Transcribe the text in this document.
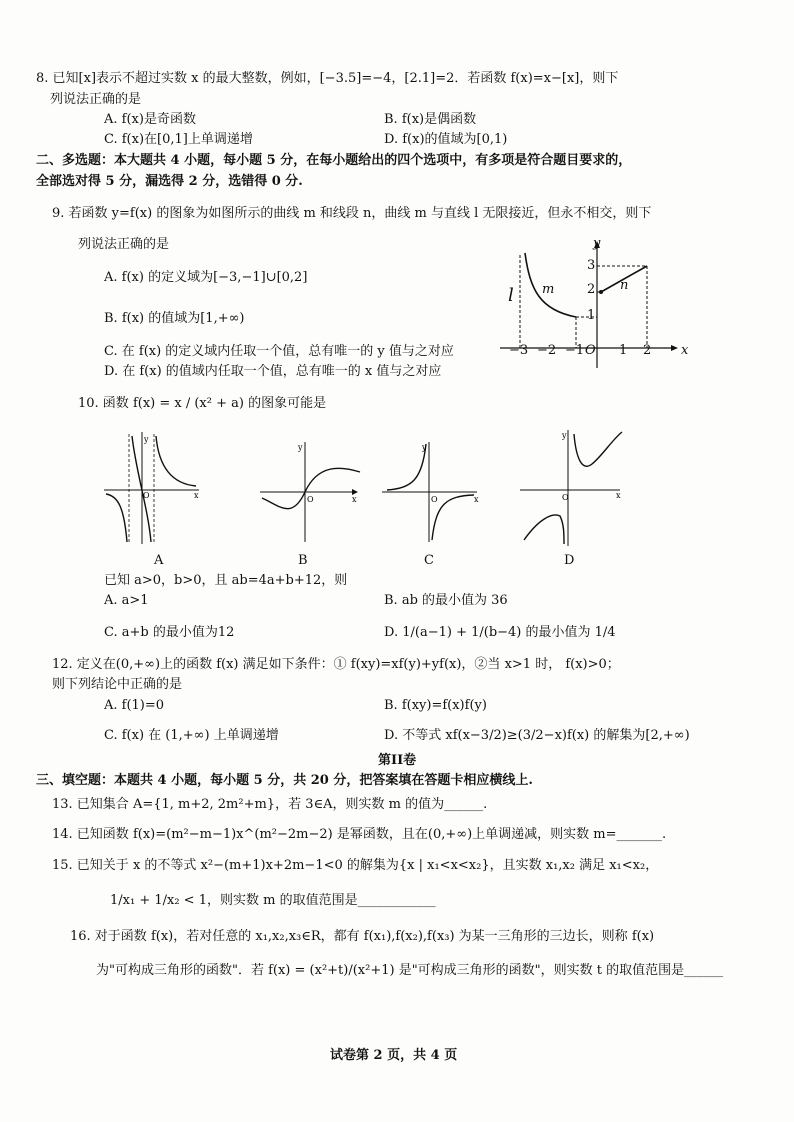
8. 已知[x]表示不超过实数 x 的最大整数，例如，[−3.5]=−4，[2.1]=2．若函数 f(x)=x−[x]，则下
列说法正确的是
A. f(x)是奇函数	B. f(x)是偶函数
C. f(x)在[0,1]上单调递增	D. f(x)的值域为[0,1)
二、多选题：本大题共 4 小题，每小题 5 分，在每小题给出的四个选项中，有多项是符合题目要求的，
全部选对得 5 分，漏选得 2 分，选错得 0 分.
9. 若函数 y=f(x) 的图象为如图所示的曲线 m 和线段 n，曲线 m 与直线 l 无限接近，但永不相交，则下
列说法正确的是
A. f(x) 的定义域为[−3,−1]∪[0,2]
B. f(x) 的值域为[1,+∞)
C. 在 f(x) 的定义域内任取一个值，总有唯一的 y 值与之对应
D. 在 f(x) 的值域内任取一个值，总有唯一的 x 值与之对应
y
x
O
m	n
l
−3 −2 −1	1 2
3
2
1
10. 函数 f(x) = x / (x² + a) 的图象可能是
y
x
O
y
x
O
y
x
O
y
x
O
A	B	C	D
已知 a>0，b>0，且 ab=4a+b+12，则
A. a>1	B. ab 的最小值为 36
C. a+b 的最小值为12	D. 1/(a−1) + 1/(b−4) 的最小值为 1/4
12. 定义在(0,+∞)上的函数 f(x) 满足如下条件：① f(xy)=xf(y)+yf(x)，②当 x>1 时， f(x)>0；
则下列结论中正确的是
A. f(1)=0	B. f(xy)=f(x)f(y)
C. f(x) 在 (1,+∞) 上单调递增	D. 不等式 xf(x−3/2)≥(3/2−x)f(x) 的解集为[2,+∞)
第II卷
三、填空题：本题共 4 小题，每小题 5 分，共 20 分，把答案填在答题卡相应横线上.
13. 已知集合 A={1, m+2, 2m²+m}，若 3∈A，则实数 m 的值为______.
14. 已知函数 f(x)=(m²−m−1)x^(m²−2m−2) 是幂函数，且在(0,+∞)上单调递减，则实数 m=_______.
15. 已知关于 x 的不等式 x²−(m+1)x+2m−1<0 的解集为{x | x₁<x<x₂}，且实数 x₁,x₂ 满足 x₁<x₂，
1/x₁ + 1/x₂ < 1，则实数 m 的取值范围是____________
16. 对于函数 f(x)，若对任意的 x₁,x₂,x₃∈R，都有 f(x₁),f(x₂),f(x₃) 为某一三角形的三边长，则称 f(x)
为"可构成三角形的函数"．若 f(x) = (x²+t)/(x²+1) 是"可构成三角形的函数"，则实数 t 的取值范围是______
试卷第 2 页，共 4 页
